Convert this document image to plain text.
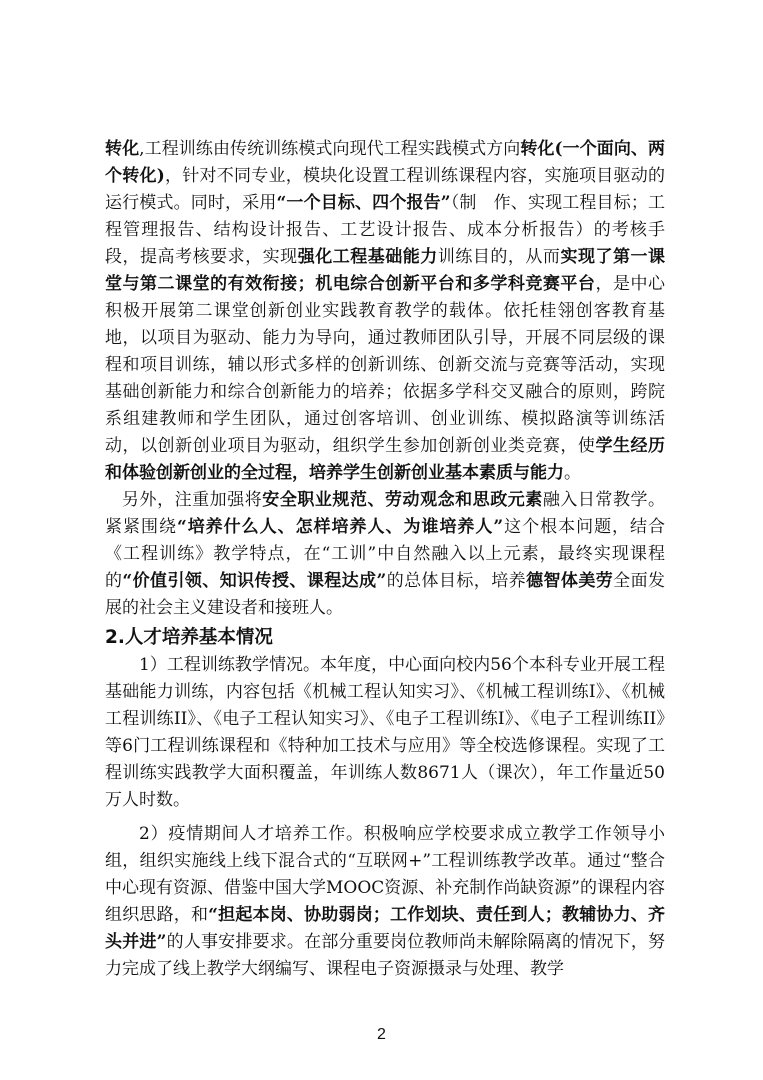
转化,工程训练由传统训练模式向现代工程实践模式方向转化(一个面向、两个转化)，针对不同专业，模块化设置工程训练课程内容，实施项目驱动的运行模式。同时，采用“一个目标、四个报告”（制　作、实现工程目标；工程管理报告、结构设计报告、工艺设计报告、成本分析报告）的考核手段，提高考核要求，实现强化工程基础能力训练目的，从而实现了第一课堂与第二课堂的有效衔接；机电综合创新平台和多学科竞赛平台，是中心积极开展第二课堂创新创业实践教育教学的载体。依托桂翎创客教育基地，以项目为驱动、能力为导向，通过教师团队引导，开展不同层级的课程和项目训练，辅以形式多样的创新训练、创新交流与竞赛等活动，实现基础创新能力和综合创新能力的培养；依据多学科交叉融合的原则，跨院系组建教师和学生团队，通过创客培训、创业训练、模拟路演等训练活动，以创新创业项目为驱动，组织学生参加创新创业类竞赛，使学生经历和体验创新创业的全过程，培养学生创新创业基本素质与能力。

另外，注重加强将安全职业规范、劳动观念和思政元素融入日常教学。紧紧围绕“培养什么人、怎样培养人、为谁培养人”这个根本问题，结合《工程训练》教学特点，在“工训”中自然融入以上元素，最终实现课程的“价值引领、知识传授、课程达成”的总体目标，培养德智体美劳全面发展的社会主义建设者和接班人。

2.人才培养基本情况

1）工程训练教学情况。本年度，中心面向校内56个本科专业开展工程基础能力训练，内容包括《机械工程认知实习》、《机械工程训练I》、《机械工程训练II》、《电子工程认知实习》、《电子工程训练I》、《电子工程训练II》等6门工程训练课程和《特种加工技术与应用》等全校选修课程。实现了工程训练实践教学大面积覆盖，年训练人数8671人（课次），年工作量近50万人时数。

2）疫情期间人才培养工作。积极响应学校要求成立教学工作领导小组，组织实施线上线下混合式的“互联网+”工程训练教学改革。通过“整合中心现有资源、借鉴中国大学MOOC资源、补充制作尚缺资源”的课程内容组织思路，和“担起本岗、协助弱岗；工作划块、责任到人；教辅协力、齐头并进”的人事安排要求。在部分重要岗位教师尚未解除隔离的情况下，努力完成了线上教学大纲编写、课程电子资源摄录与处理、教学

2
